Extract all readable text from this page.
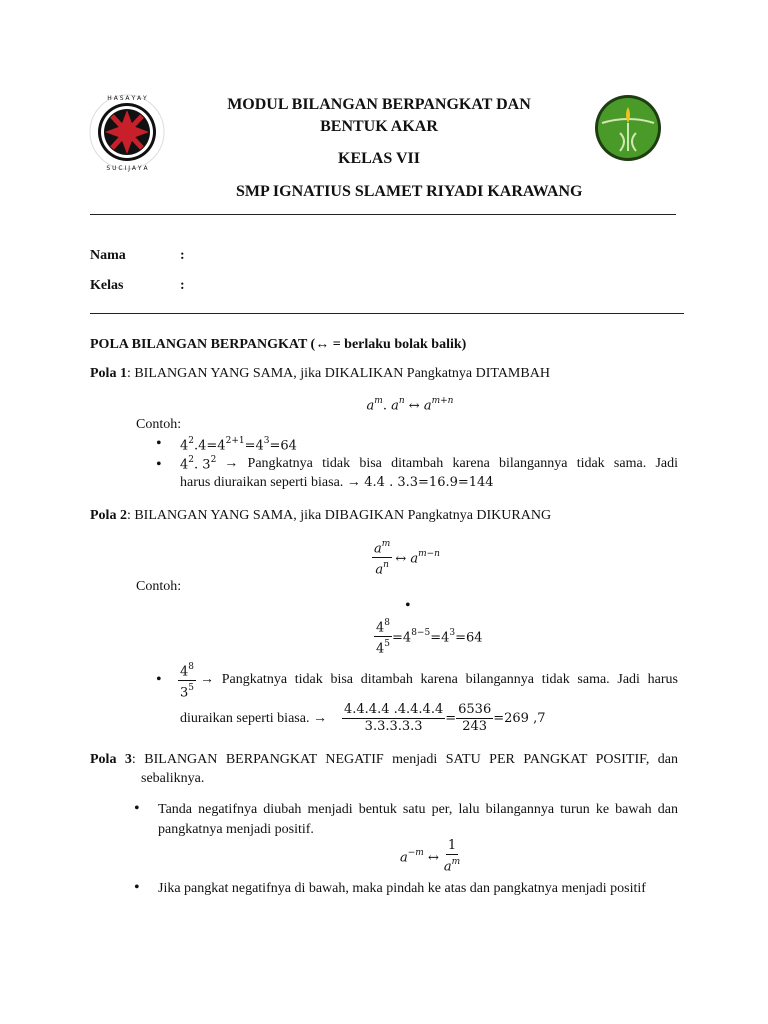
H A S A Y A Y
S U C I J A Y A
MODUL BILANGAN BERPANGKAT DAN
BENTUK AKAR
KELAS VII
SMP IGNATIUS SLAMET RIYADI KARAWANG
Nama	:
Kelas	:
POLA BILANGAN BERPANGKAT (↔ = berlaku bolak balik)
Pola 1: BILANGAN YANG SAMA, jika DIKALIKAN Pangkatnya DITAMBAH
$a^m$. $a^n$ ↔ $a^{m+n}$
Contoh:
• $4^2.4=4^{2+1}=4^3=64$
• $4^2$. $3^2$ → Pangkatnya tidak bisa ditambah karena bilangannya tidak sama. Jadi
harus diuraikan seperti biasa. → 4.4 . 3.3=16.9=144
Pola 2: BILANGAN YANG SAMA, jika DIBAGIKAN Pangkatnya DIKURANG
$\frac{a^m}{a^n}$ ↔ $a^{m-n}$
Contoh:
•
$\frac{4^8}{4^5} =4^{8-5}=4^3=64$
• $\frac{4^8}{3^5}$ → Pangkatnya tidak bisa ditambah karena bilangannya tidak sama. Jadi harus
diuraikan seperti biasa. → $\frac{4.4.4.4 .4.4.4.4}{3.3.3.3.3} = \frac{6536}{243} =269$ ,7
Pola 3: BILANGAN BERPANGKAT NEGATIF menjadi SATU PER PANGKAT POSITIF, dan
sebaliknya.
• Tanda negatifnya diubah menjadi bentuk satu per, lalu bilangannya turun ke bawah dan pangkatnya menjadi positif.
$a^{-m}$ ↔ $\frac{1}{a^m}$
• Jika pangkat negatifnya di bawah, maka pindah ke atas dan pangkatnya menjadi positif
